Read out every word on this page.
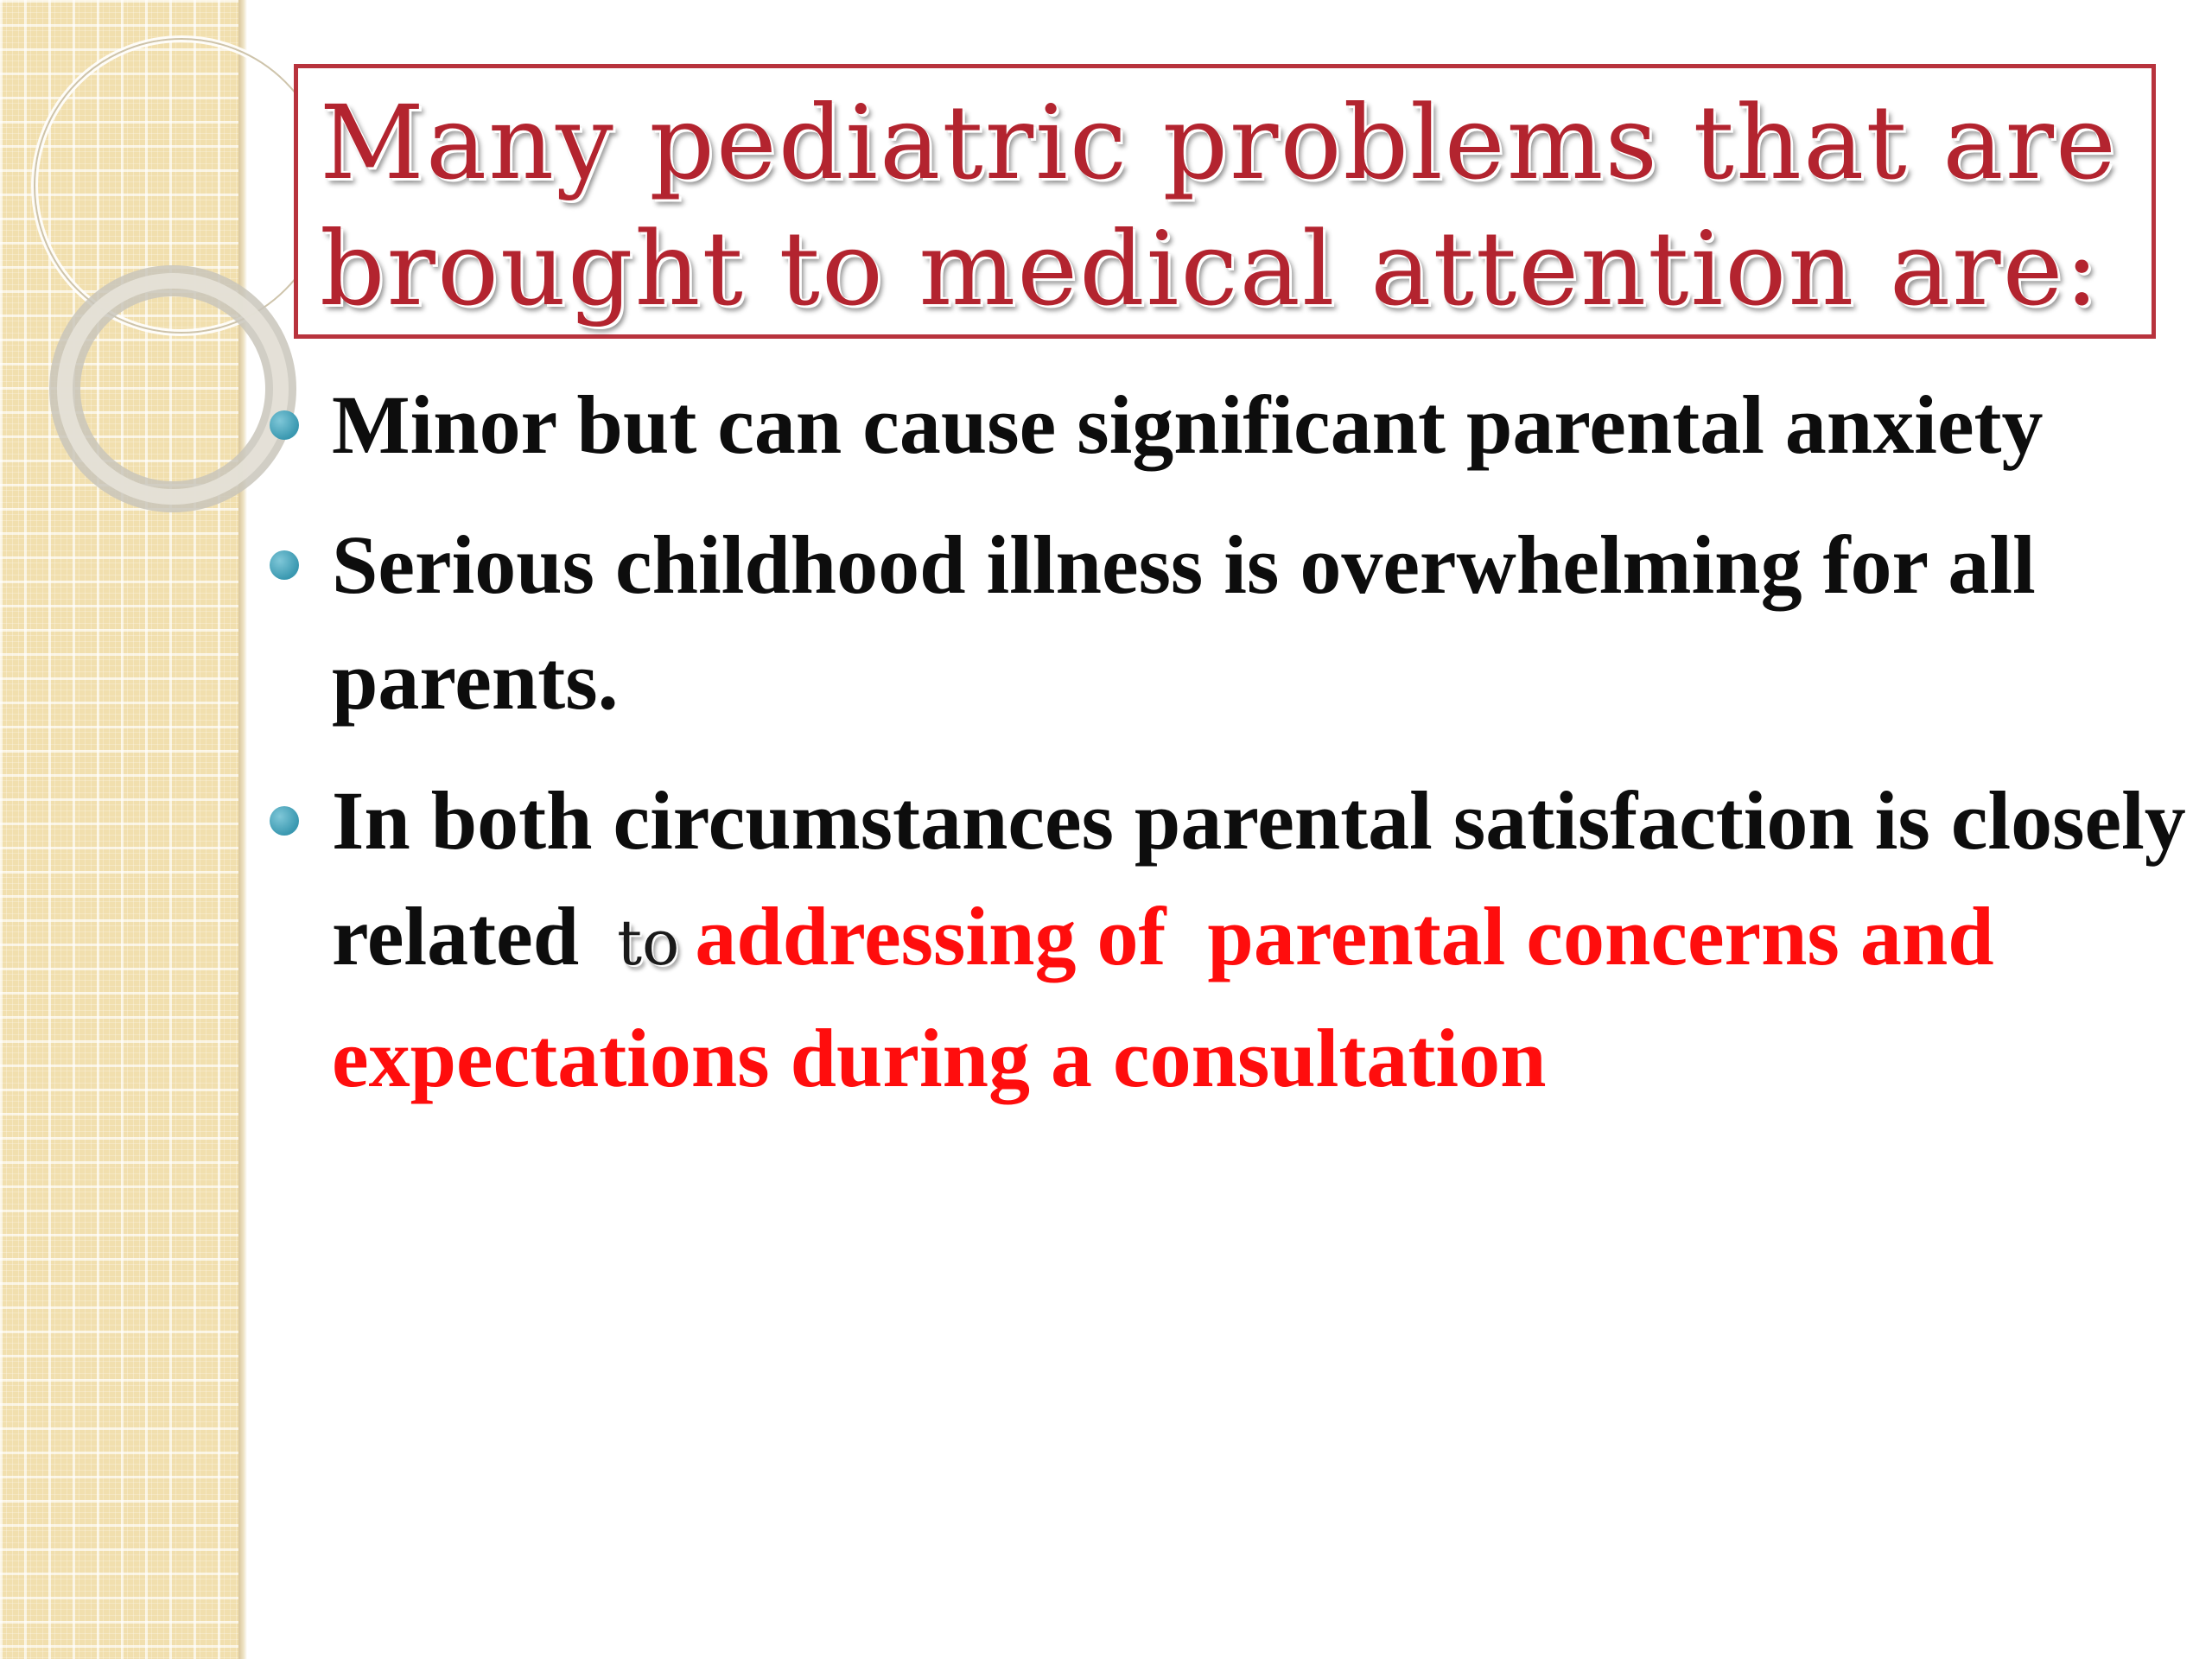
Many pediatric problems that are brought to medical attention are:
Minor but can cause significant parental anxiety
Serious childhood illness is overwhelming for all parents.
In both circumstances parental satisfaction is closely related to addressing of  parental concerns and expectations during a consultation
